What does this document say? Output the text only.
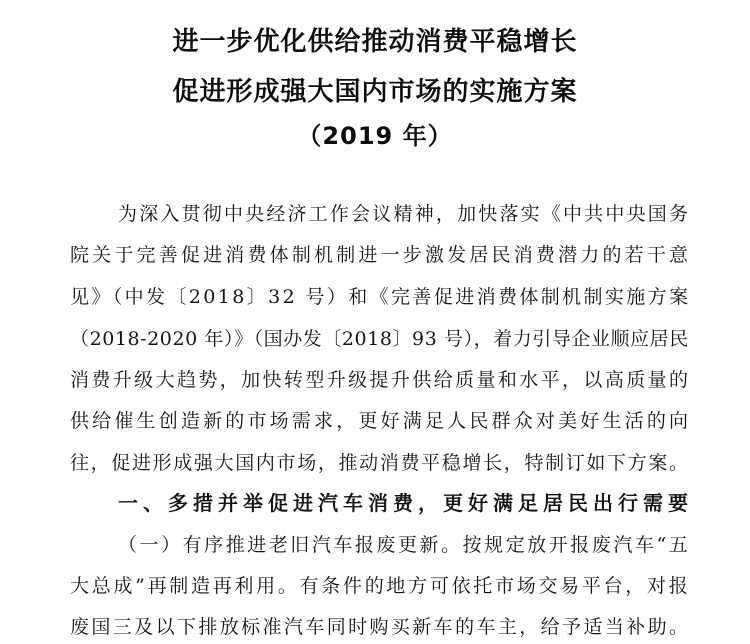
进一步优化供给推动消费平稳增长
促进形成强大国内市场的实施方案
（2019 年）
为深入贯彻中央经济工作会议精神，加快落实《中共中央国务
院关于完善促进消费体制机制进一步激发居民消费潜力的若干意
见》（中发〔2018〕32 号）和《完善促进消费体制机制实施方案
（2018-2020 年）》（国办发〔2018〕93 号），着力引导企业顺应居民
消费升级大趋势，加快转型升级提升供给质量和水平，以高质量的
供给催生创造新的市场需求，更好满足人民群众对美好生活的向
往，促进形成强大国内市场，推动消费平稳增长，特制订如下方案。
一、多措并举促进汽车消费，更好满足居民出行需要
（一）有序推进老旧汽车报废更新。按规定放开报废汽车“五
大总成”再制造再利用。有条件的地方可依托市场交易平台，对报
废国三及以下排放标准汽车同时购买新车的车主，给予适当补助。
